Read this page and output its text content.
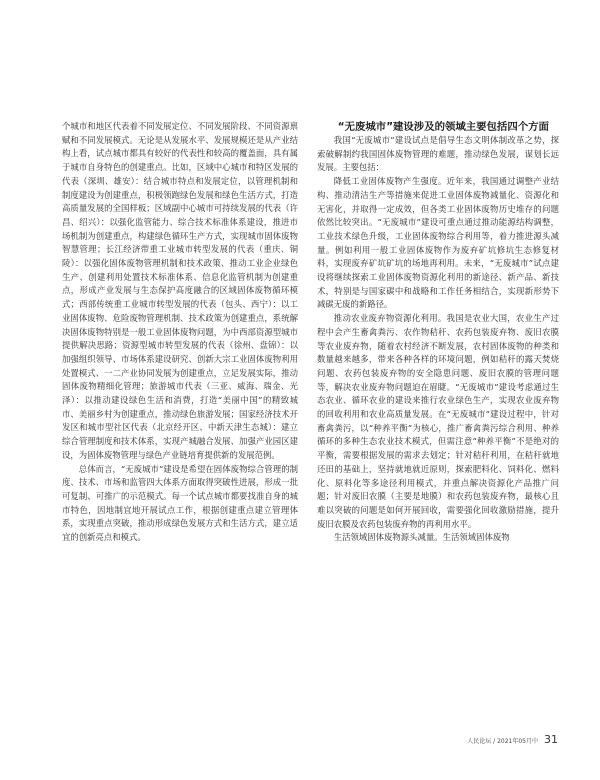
个城市和地区代表着不同发展定位、不同发展阶段、不同资源禀赋和不同发展模式。无论是从发展水平、发展规模还是从产业结构上看，试点城市都具有较好的代表性和较高的覆盖面，具有属于城市自身特色的创建重点。比如，区域中心城市和特区发展的代表（深圳、雄安）：结合城市特点和发展定位，以管理机制和制度建设为创建重点，积极领跑绿色发展和绿色生活方式，打造高质量发展的全国样板；区域副中心城市可持续发展的代表（许昌、绍兴）：以强化监管能力、综合技术标准体系建设，推进市场机制为创建重点，构建绿色循环生产方式，实现城市固体废物智慧管理；长江经济带重工业城市转型发展的代表（重庆、铜陵）：以强化固体废物管理机制和技术政策、推动工业企业绿色生产、创建利用处置技术标准体系、信息化监管机制为创建重点，形成产业发展与生态保护高度融合的区域固体废物循环模式；西部传统重工业城市转型发展的代表（包头、西宁）：以工业固体废物、危险废物管理机制、技术政策为创建重点，系统解决固体废物特别是一般工业固体废物问题，为中西部资源型城市提供解决思路；资源型城市转型发展的代表（徐州、盘锦）：以加强组织领导、市场体系建设研究、创新大宗工业固体废物利用处置模式、一二产业协同发展为创建重点，立足发展实际，推动固体废物精细化管理；旅游城市代表（三亚、威海、瑞金、光泽）：以推动建设绿色生活和消费，打造“美丽中国”的精致城市、美丽乡村为创建重点，推动绿色旅游发展；国家经济技术开发区和城市型社区代表（北京经开区、中新天津生态城）：建立综合管理制度和技术体系，实现产城融合发展、加强产业园区建设，为固体废物管理与绿色产业链培育提供新的发展范例。

总体而言，“无废城市”建设是希望在固体废物综合管理的制度、技术、市场和监管四大体系方面取得突破性进展，形成一批可复制、可推广的示范模式。每一个试点城市都要找准自身的城市特色，因地制宜地开展试点工作，根据创建重点建立管理体系，实现重点突破，推动形成绿色发展方式和生活方式，建立适宜的创新亮点和模式。

“无废城市”建设涉及的领域主要包括四个方面

我国“无废城市”建设试点是倡导生态文明体制改革之势，探索破解制约我国固体废物管理的难题，推动绿色发展，谋划长远发展。主要包括：

降低工业固体废物产生强度。近年来，我国通过调整产业结构、推动清洁生产等措施来促进工业固体废物减量化、资源化和无害化，并取得一定成效，但各类工业固体废物历史堆存的问题依然比较突出。“无废城市”建设可重点通过推动能源结构调整，工业技术绿色升级，工业固体废物综合利用等，着力推进源头减量。例如利用一般工业固体废物作为废弃矿坑修坑生态修复材料，实现废弃矿坑矿坑的场地再利用。未来，“无废城市”试点建设将继续探索工业固体废物资源化利用的新途径、新产品、新技术，特别是与国家碳中和战略和工作任务相结合，实现新形势下减碳无废的新路径。

推动农业废弃物资源化利用。我国是农业大国，农业生产过程中会产生畜禽粪污、农作物秸秆、农药包装废弃物、废旧农膜等农业废弃物，随着农村经济不断发展，农村固体废物的种类和数量越来越多，带来各种各样的环境问题，例如秸秆的露天焚烧问题、农药包装废弃物的安全隐患问题、废旧农膜的管理问题等，解决农业废弃物问题迫在眉睫。“无废城市”建设考虑通过生态农业、循环农业的建设来推行农业绿色生产，实现农业废弃物的回收利用和农业高质量发展。在“无废城市”建设过程中，针对畜禽粪污，以“种养平衡”为核心，推广畜禽粪污综合利用、种养循环的多种生态农业技术模式，但需注意“种养平衡”不是绝对的平衡，需要根据发展的需求去划定；针对秸秆利用，在秸秆就地还田的基础上，坚持就地就近原则，探索肥料化、饲料化、燃料化、原料化等多途径利用模式，并重点解决资源化产品推广问题；针对废旧农膜（主要是地膜）和农药包装废弃物，最核心且难以突破的问题是如何开展回收，需要强化回收激励措施，提升废旧农膜及农药包装废弃物的再利用水平。

生活领域固体废物源头减量。生活领域固体废物

人民论坛 / 2021年05月中 31
